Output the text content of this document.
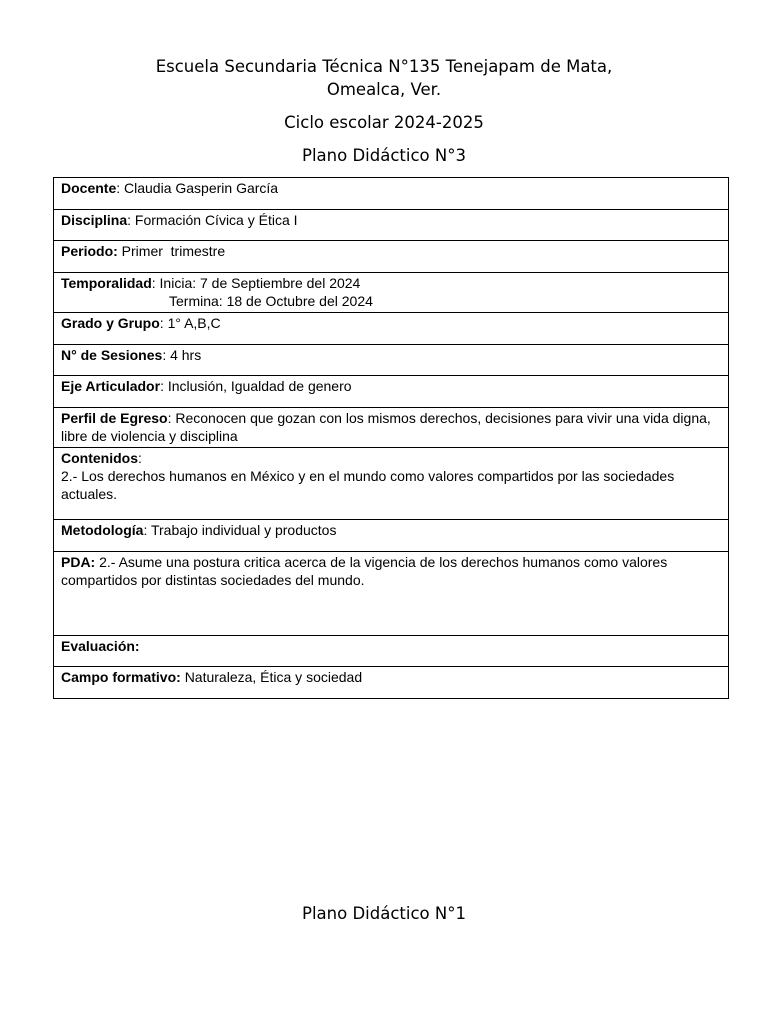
Escuela Secundaria Técnica N°135 Tenejapam de Mata,
Omealca, Ver.
Ciclo escolar 2024-2025
Plano Didáctico N°3
Docente: Claudia Gasperin García
Disciplina: Formación Cívica y Ética I
Periodo: Primer  trimestre
Temporalidad: Inicia: 7 de Septiembre del 2024
Termina: 18 de Octubre del 2024

Grado y Grupo: 1° A,B,C
N° de Sesiones: 4 hrs
Eje Articulador: Inclusión, Igualdad de genero
Perfil de Egreso: Reconocen que gozan con los mismos derechos, decisiones para vivir una vida digna, libre de violencia y disciplina
Contenidos:
2.- Los derechos humanos en México y en el mundo como valores compartidos por las sociedades actuales.

Metodología: Trabajo individual y productos
PDA: 2.- Asume una postura critica acerca de la vigencia de los derechos humanos como valores compartidos por distintas sociedades del mundo.
Evaluación:
Campo formativo: Naturaleza, Ética y sociedad
Plano Didáctico N°1
